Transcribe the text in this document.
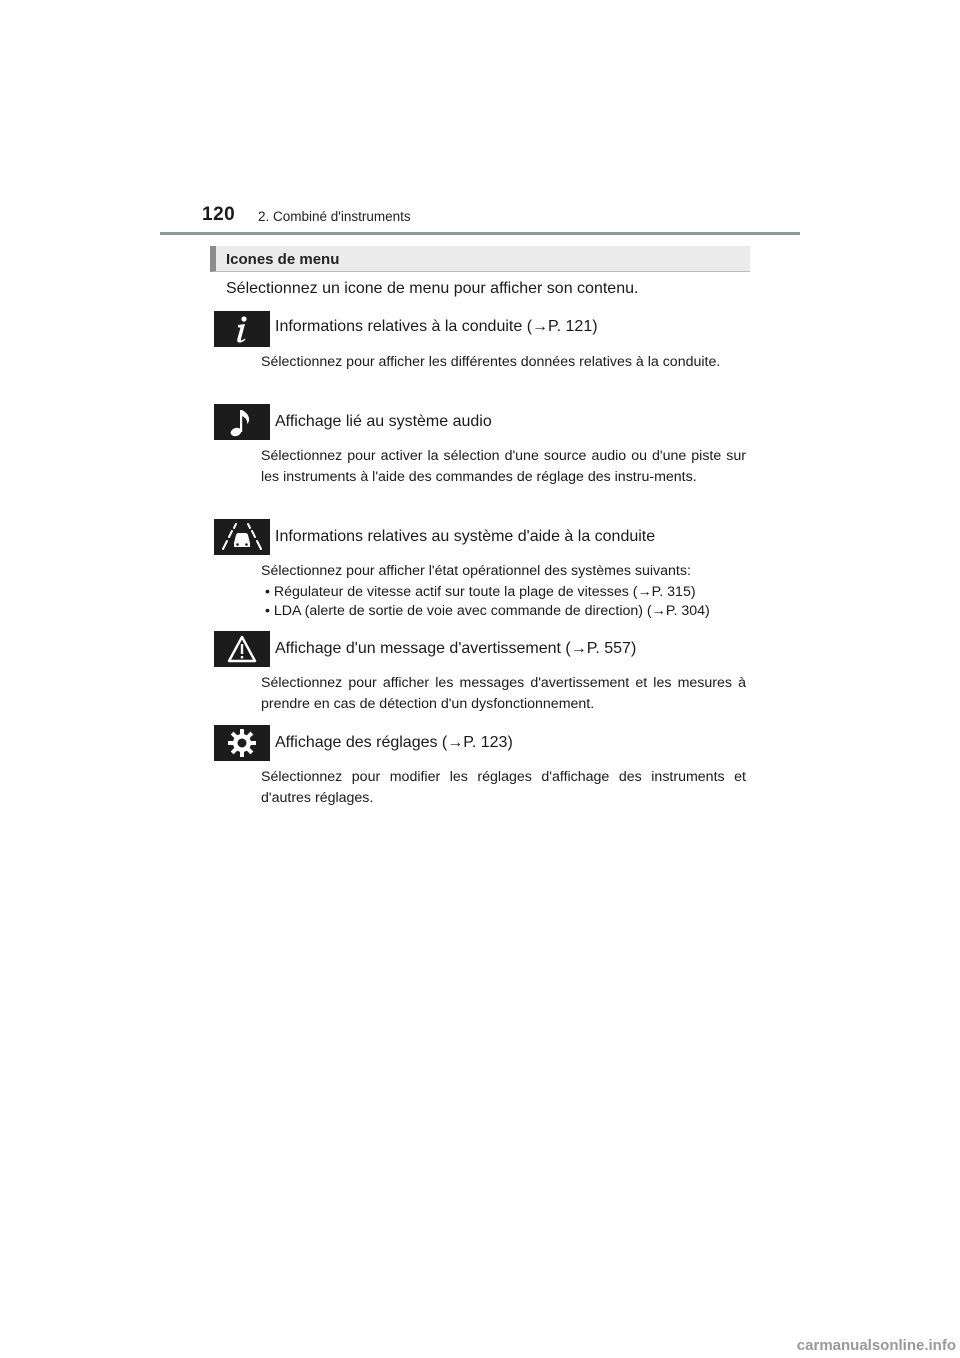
120 2. Combiné d'instruments
Icones de menu
Sélectionnez un icone de menu pour afficher son contenu.
Informations relatives à la conduite (→P. 121)
Sélectionnez pour afficher les différentes données relatives à la conduite.
Affichage lié au système audio
Sélectionnez pour activer la sélection d'une source audio ou d'une piste sur les instruments à l'aide des commandes de réglage des instru-ments.
Informations relatives au système d'aide à la conduite
Sélectionnez pour afficher l'état opérationnel des systèmes suivants:
• Régulateur de vitesse actif sur toute la plage de vitesses (→P. 315)
• LDA (alerte de sortie de voie avec commande de direction) (→P. 304)
Affichage d'un message d'avertissement (→P. 557)
Sélectionnez pour afficher les messages d'avertissement et les mesures à prendre en cas de détection d'un dysfonctionnement.
Affichage des réglages (→P. 123)
Sélectionnez pour modifier les réglages d'affichage des instruments et d'autres réglages.
carmanualsonline.info
